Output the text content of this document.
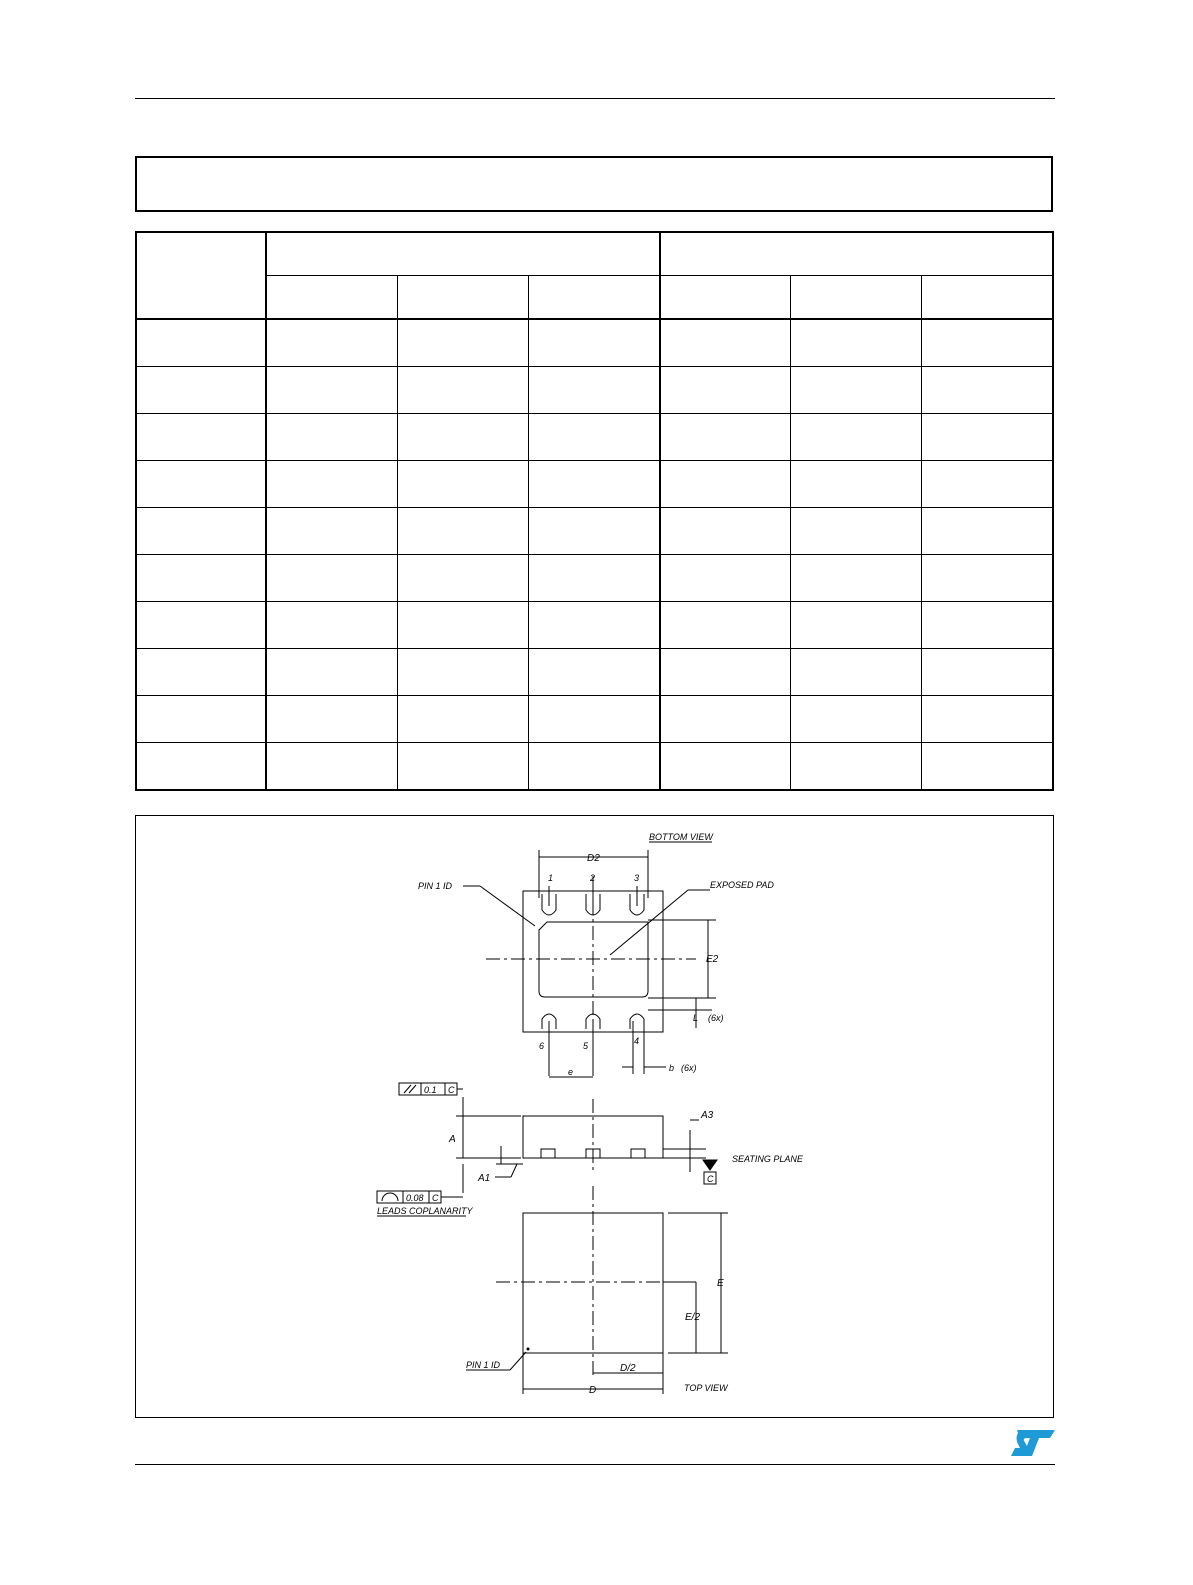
BOTTOM VIEW
D2
1	2	3
6	5	4
e	b (6x)
L (6x)
E2
PIN 1 ID	EXPOSED PAD
A
A1
A3
0.1 C
0.08 C
LEADS COPLANARITY
C
SEATING PLANE
E
E/2
D
D/2
PIN 1 ID
TOP VIEW
